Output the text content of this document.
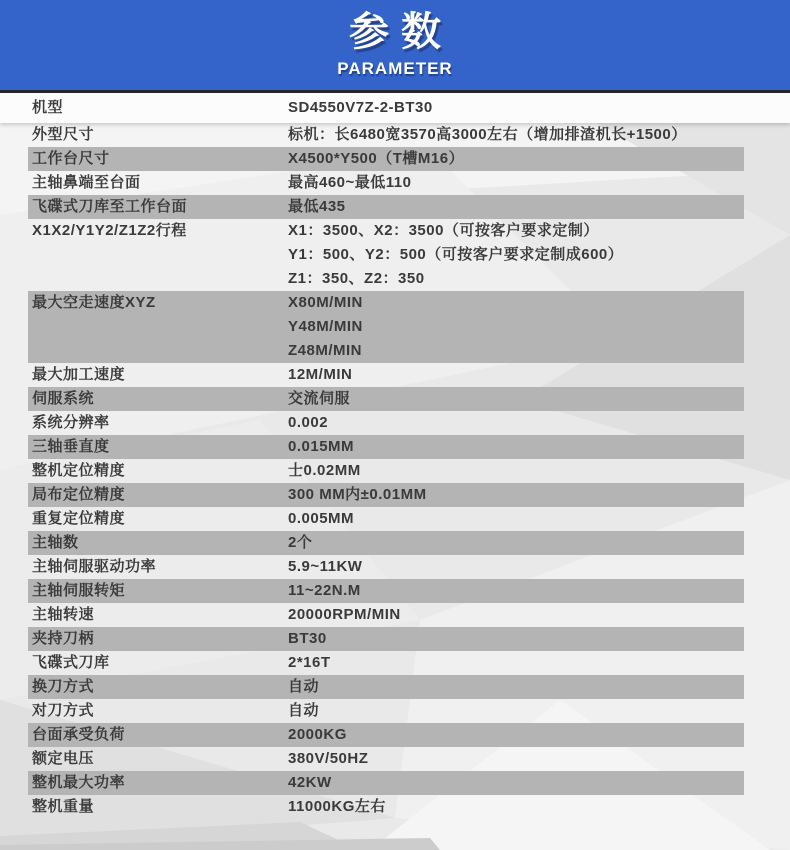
参数
PARAMETER
机型	SD4550V7Z-2-BT30
外型尺寸	标机：长6480宽3570高3000左右（增加排渣机长+1500）
工作台尺寸	X4500*Y500（T槽M16）
主轴鼻端至台面	最高460~最低110
飞碟式刀库至工作台面	最低435
X1X2/Y1Y2/Z1Z2行程	X1：3500、X2：3500（可按客户要求定制）
Y1：500、Y2：500（可按客户要求定制成600）
Z1：350、Z2：350
最大空走速度XYZ	X80M/MIN
Y48M/MIN
Z48M/MIN
最大加工速度	12M/MIN
伺服系统	交流伺服
系统分辨率	0.002
三轴垂直度	0.015MM
整机定位精度	士0.02MM
局布定位精度	300 MM内±0.01MM
重复定位精度	0.005MM
主轴数	2个
主轴伺服驱动功率	5.9~11KW
主轴伺服转矩	11~22N.M
主轴转速	20000RPM/MIN
夹持刀柄	BT30
飞碟式刀库	2*16T
换刀方式	自动
对刀方式	自动
台面承受负荷	2000KG
额定电压	380V/50HZ
整机最大功率	42KW
整机重量	11000KG左右
